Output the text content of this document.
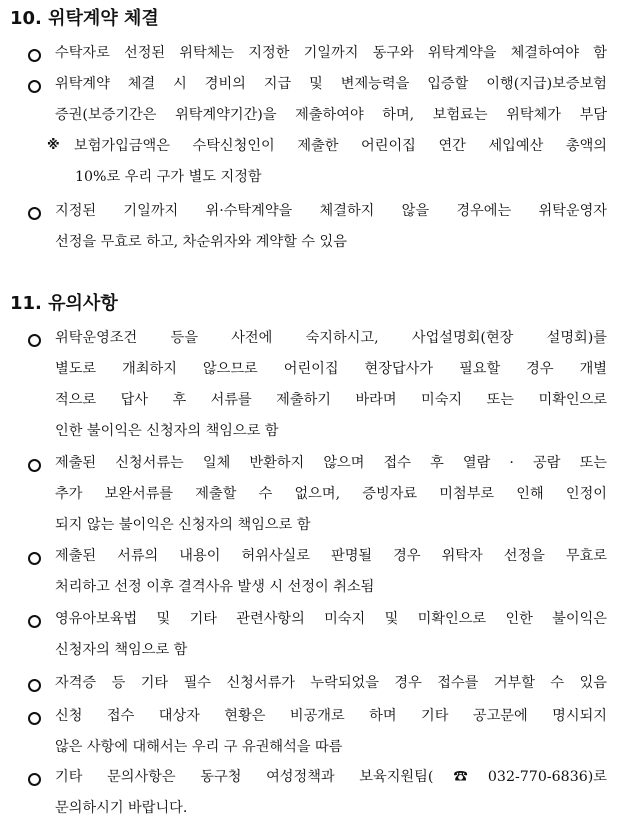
10. 위탁계약 체결
수탁자로 선정된 위탁체는 지정한 기일까지 동구와 위탁계약을 체결하여야 함
위탁계약 체결 시 경비의 지급 및 변제능력을 입증할 이행(지급)보증보험
증권(보증기간은 위탁계약기간)을 제출하여야 하며, 보험료는 위탁체가 부담
※ 보험가입금액은 수탁신청인이 제출한 어린이집 연간 세입예산 총액의
10%로 우리 구가 별도 지정함
지정된 기일까지 위·수탁계약을 체결하지 않을 경우에는 위탁운영자
선정을 무효로 하고, 차순위자와 계약할 수 있음
11. 유의사항
위탁운영조건 등을 사전에 숙지하시고, 사업설명회(현장 설명회)를
별도로 개최하지 않으므로 어린이집 현장답사가 필요할 경우 개별
적으로 답사 후 서류를 제출하기 바라며 미숙지 또는 미확인으로
인한 불이익은 신청자의 책임으로 함
제출된 신청서류는 일체 반환하지 않으며 접수 후 열람 · 공람 또는
추가 보완서류를 제출할 수 없으며, 증빙자료 미첨부로 인해 인정이
되지 않는 불이익은 신청자의 책임으로 함
제출된 서류의 내용이 허위사실로 판명될 경우 위탁자 선정을 무효로
처리하고 선정 이후 결격사유 발생 시 선정이 취소됨
영유아보육법 및 기타 관련사항의 미숙지 및 미확인으로 인한 불이익은
신청자의 책임으로 함
자격증 등 기타 필수 신청서류가 누락되었을 경우 접수를 거부할 수 있음
신청 접수 대상자 현황은 비공개로 하며 기타 공고문에 명시되지
않은 사항에 대해서는 우리 구 유권해석을 따름
기타 문의사항은 동구청 여성정책과 보육지원팀(☎032-770-6836)로
문의하시기 바랍니다.
